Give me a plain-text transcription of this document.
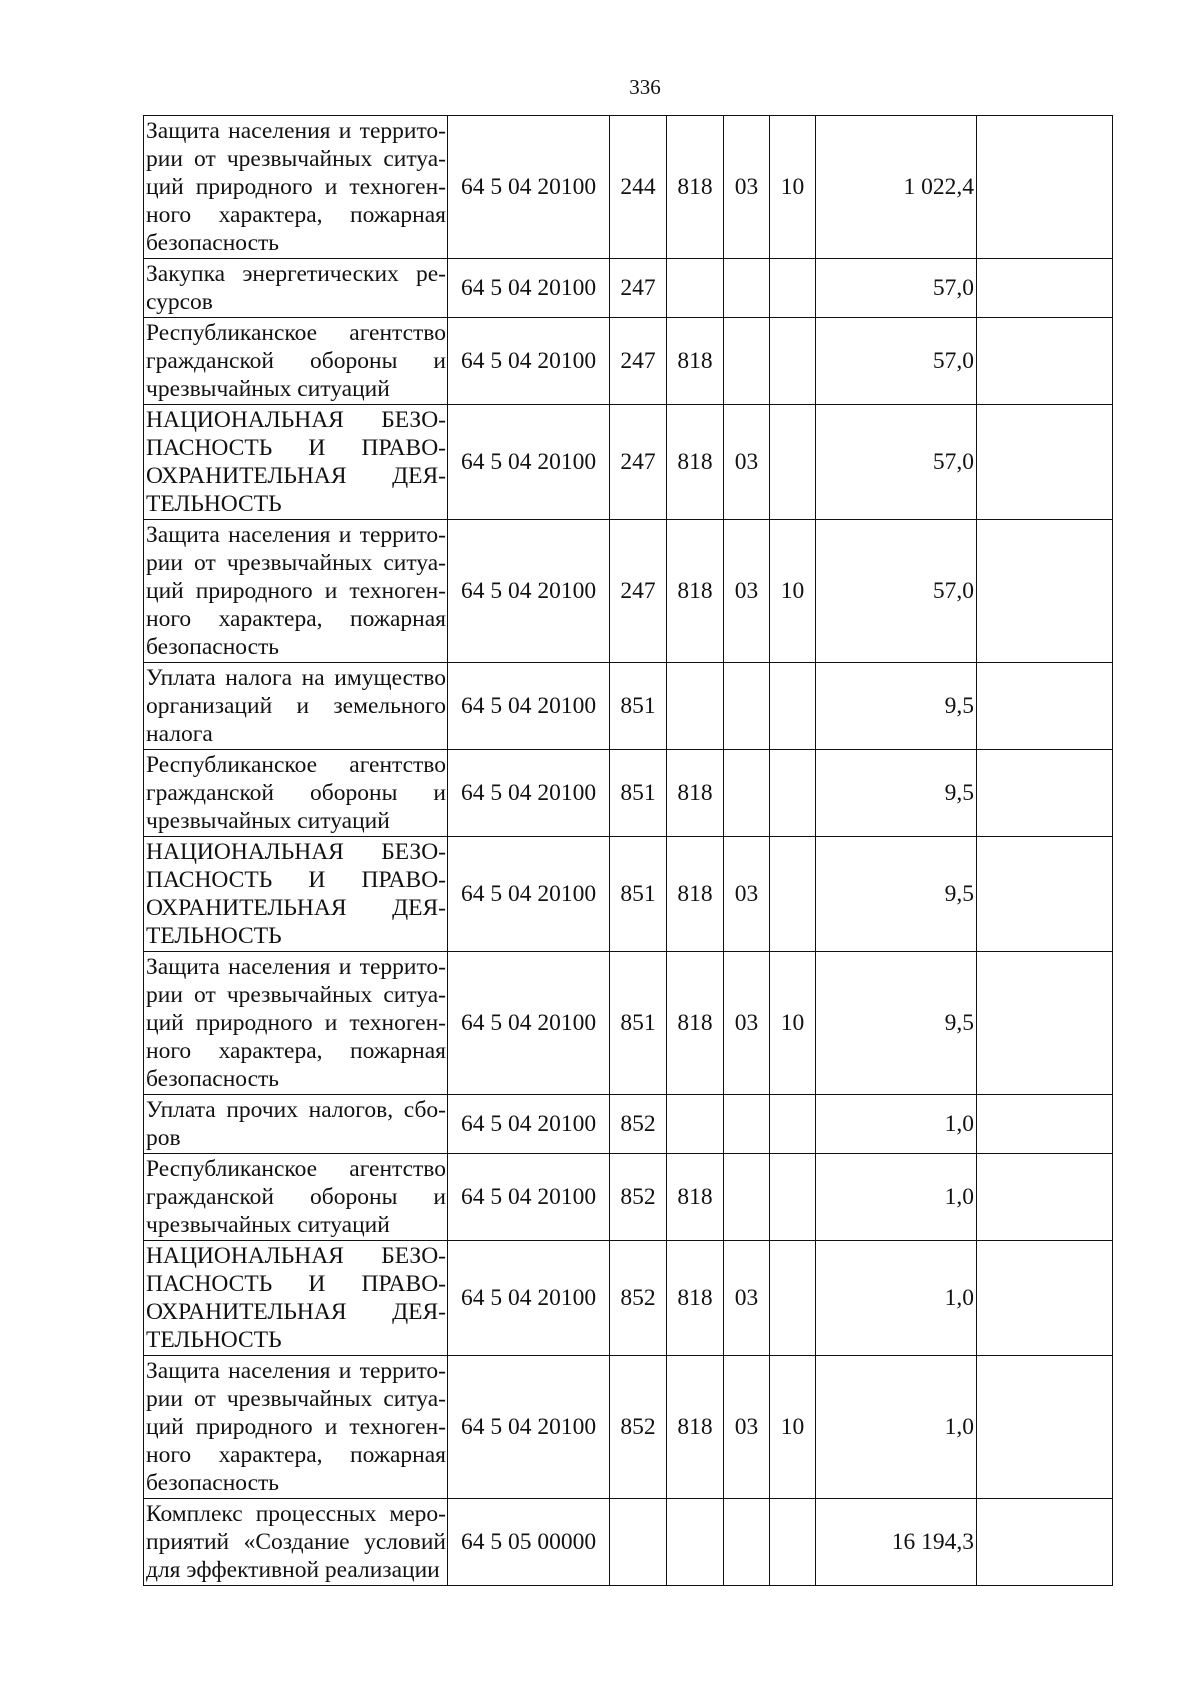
336
Защита населения и территории от чрезвычайных ситуаций природного и техногенного характера, пожарная безопасность	64 5 04 20100	244	818	03	10	1 022,4	
Закупка энергетических ресурсов	64 5 04 20100	247				57,0	
Республиканское агентство гражданской обороны и чрезвычайных ситуаций	64 5 04 20100	247	818			57,0	
НАЦИОНАЛЬНАЯ БЕЗОПАСНОСТЬ И ПРАВООХРАНИТЕЛЬНАЯ ДЕЯТЕЛЬНОСТЬ	64 5 04 20100	247	818	03		57,0	
Защита населения и территории от чрезвычайных ситуаций природного и техногенного характера, пожарная безопасность	64 5 04 20100	247	818	03	10	57,0	
Уплата налога на имущество организаций и земельного налога	64 5 04 20100	851				9,5	
Республиканское агентство гражданской обороны и чрезвычайных ситуаций	64 5 04 20100	851	818			9,5	
НАЦИОНАЛЬНАЯ БЕЗОПАСНОСТЬ И ПРАВООХРАНИТЕЛЬНАЯ ДЕЯТЕЛЬНОСТЬ	64 5 04 20100	851	818	03		9,5	
Защита населения и территории от чрезвычайных ситуаций природного и техногенного характера, пожарная безопасность	64 5 04 20100	851	818	03	10	9,5	
Уплата прочих налогов, сборов	64 5 04 20100	852				1,0	
Республиканское агентство гражданской обороны и чрезвычайных ситуаций	64 5 04 20100	852	818			1,0	
НАЦИОНАЛЬНАЯ БЕЗОПАСНОСТЬ И ПРАВООХРАНИТЕЛЬНАЯ ДЕЯТЕЛЬНОСТЬ	64 5 04 20100	852	818	03		1,0	
Защита населения и территории от чрезвычайных ситуаций природного и техногенного характера, пожарная безопасность	64 5 04 20100	852	818	03	10	1,0	
Комплекс процессных мероприятий «Создание условий для эффективной реализации	64 5 05 00000					16 194,3	
